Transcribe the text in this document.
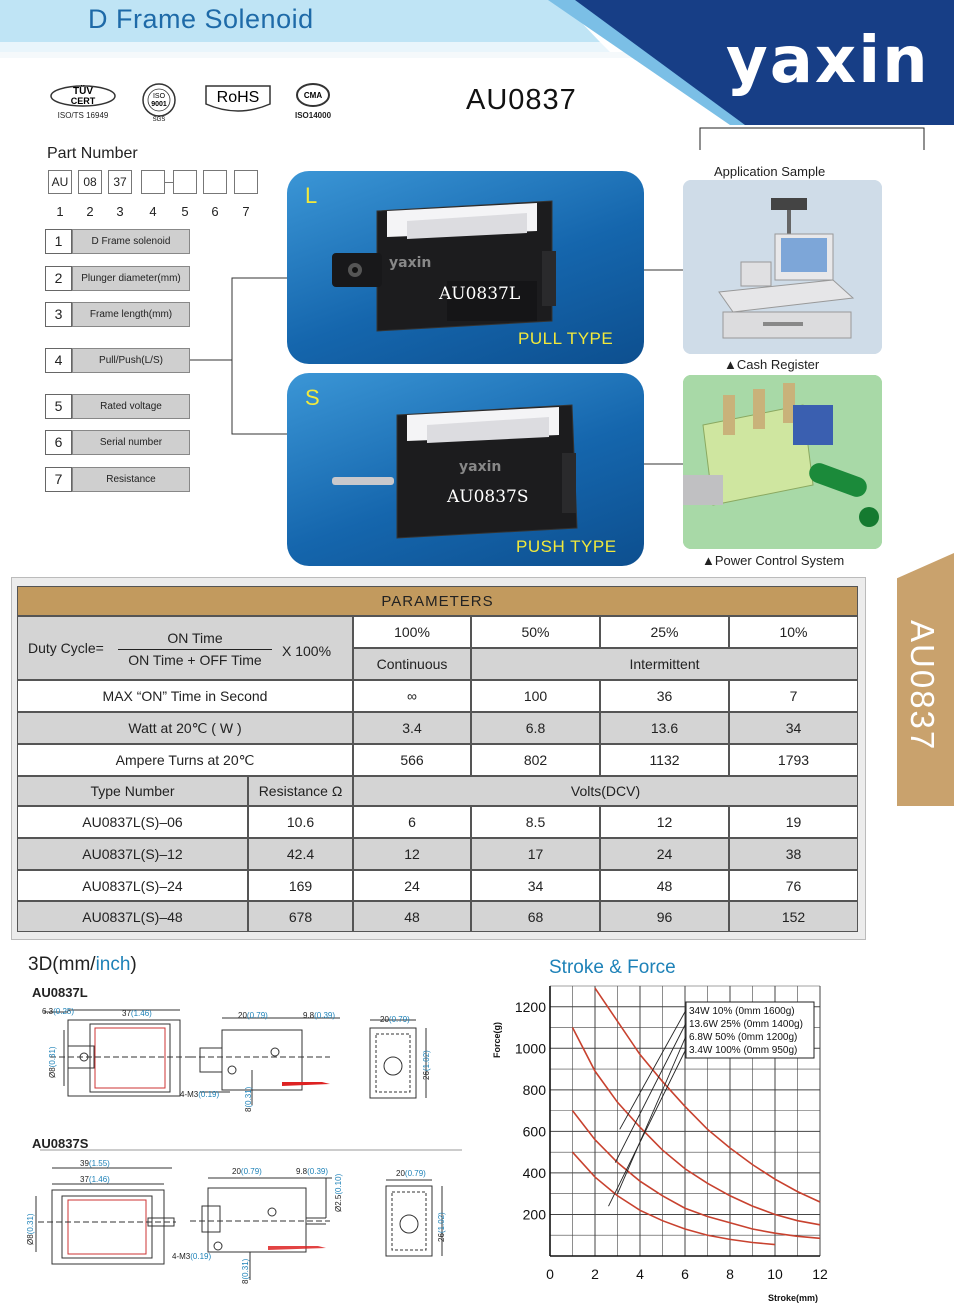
D Frame Solenoid
yaxin
TÜV
CERT
ISO/TS 16949
ISO
9001
SGS
RoHS	CMA
ISO14000	AU0837
Part Number
AU	08	37
1	2	3	4	5	6	7
1	D Frame solenoid
2	Plunger diameter(mm)
3	Frame length(mm)
4	Pull/Push(L/S)
5	Rated voltage
6	Serial number
7	Resistance
L
yaxin
AU0837L
PULL TYPE
S
yaxin
AU0837S
PUSH TYPE
Application Sample
▲Cash Register
▲Power Control System
AU0837
PARAMETERS
Duty Cycle=
ON Time
ON Time + OFF Time
X 100%
100%	50%	25%	10%
Continuous	Intermittent
MAX “ON” Time in Second	∞	100	36	7
Watt at 20℃ ( W )	3.4	6.8	13.6	34
Ampere Turns at 20℃	566	802	1132	1793
Type Number	Resistance Ω	Volts(DCV)
AU0837L(S)–06	10.6	6	8.5	12	19
AU0837L(S)–12	42.4	12	17	24	38
AU0837L(S)–24	169	24	34	48	76
AU0837L(S)–48	678	48	68	96	152
3D(mm/inch)
AU0837L
AU0837S
6.3(0.25)	37(1.46)	20(0.79)	9.8(0.39)	20(0.79)
Ø8(0.31)
26(1.02)
4-M3(0.19)
8(0.31)
39(1.55)
37(1.46)
20(0.79)	9.8(0.39)	20(0.79)
Ø8(0.31)
26(1.02)
4-M3(0.19)
8(0.31)
Ø2.5(0.10)
Stroke & Force
0	2	4	6	8 10 12
200
400
600
800
1000
1200
Stroke(mm)
Force(g)
34W 10% (0mm 1600g)
13.6W 25% (0mm 1400g)
6.8W 50% (0mm 1200g)
3.4W 100% (0mm 950g)
